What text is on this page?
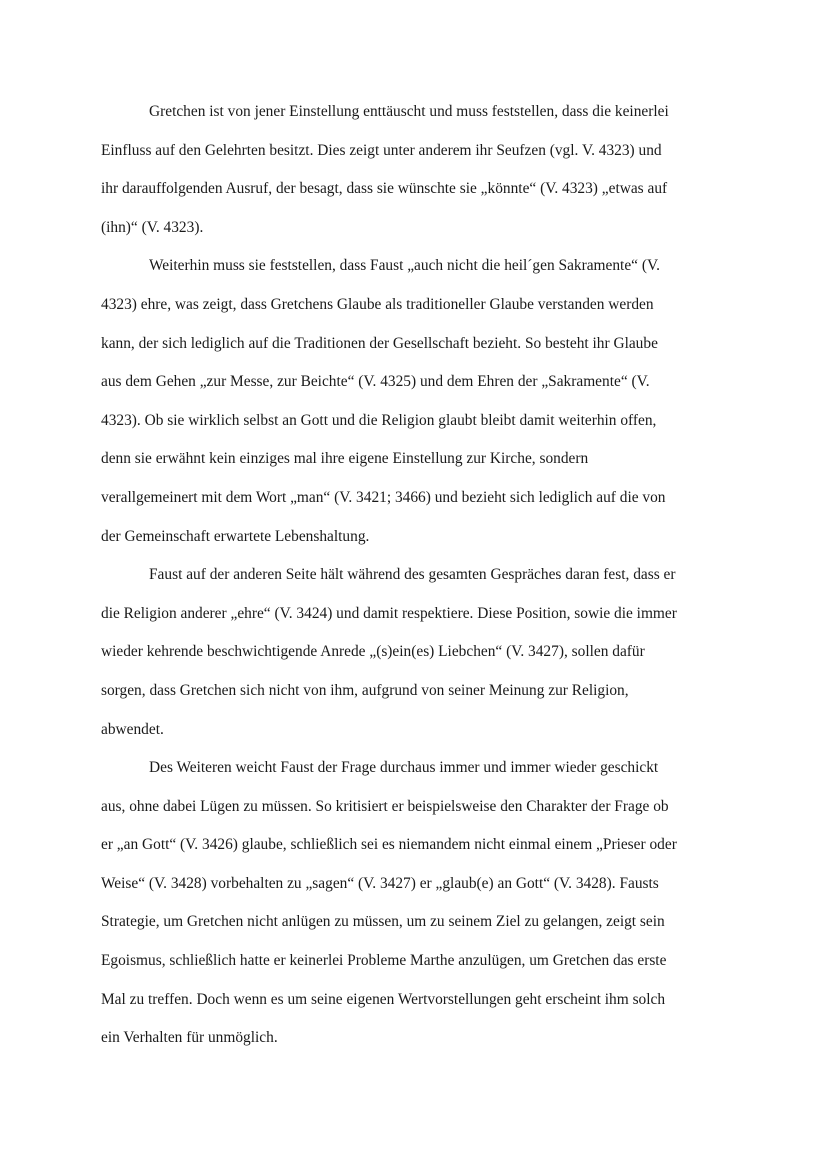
Gretchen ist von jener Einstellung enttäuscht und muss feststellen, dass die keinerlei
Einfluss auf den Gelehrten besitzt. Dies zeigt unter anderem ihr Seufzen (vgl. V. 4323) und
ihr darauffolgenden Ausruf, der besagt, dass sie wünschte sie „könnte“ (V. 4323) „etwas auf
(ihn)“ (V. 4323).

Weiterhin muss sie feststellen, dass Faust „auch nicht die heil´gen Sakramente“ (V.
4323) ehre, was zeigt, dass Gretchens Glaube als traditioneller Glaube verstanden werden
kann, der sich lediglich auf die Traditionen der Gesellschaft bezieht. So besteht ihr Glaube
aus dem Gehen „zur Messe, zur Beichte“ (V. 4325) und dem Ehren der „Sakramente“ (V.
4323). Ob sie wirklich selbst an Gott und die Religion glaubt bleibt damit weiterhin offen,
denn sie erwähnt kein einziges mal ihre eigene Einstellung zur Kirche, sondern
verallgemeinert mit dem Wort „man“ (V. 3421; 3466) und bezieht sich lediglich auf die von
der Gemeinschaft erwartete Lebenshaltung.

Faust auf der anderen Seite hält während des gesamten Gespräches daran fest, dass er
die Religion anderer „ehre“ (V. 3424) und damit respektiere. Diese Position, sowie die immer
wieder kehrende beschwichtigende Anrede „(s)ein(es) Liebchen“ (V. 3427), sollen dafür
sorgen, dass Gretchen sich nicht von ihm, aufgrund von seiner Meinung zur Religion,
abwendet.

Des Weiteren weicht Faust der Frage durchaus immer und immer wieder geschickt
aus, ohne dabei Lügen zu müssen. So kritisiert er beispielsweise den Charakter der Frage ob
er „an Gott“ (V. 3426) glaube, schließlich sei es niemandem nicht einmal einem „Prieser oder
Weise“ (V. 3428) vorbehalten zu „sagen“ (V. 3427) er „glaub(e) an Gott“ (V. 3428). Fausts
Strategie, um Gretchen nicht anlügen zu müssen, um zu seinem Ziel zu gelangen, zeigt sein
Egoismus, schließlich hatte er keinerlei Probleme Marthe anzulügen, um Gretchen das erste
Mal zu treffen. Doch wenn es um seine eigenen Wertvorstellungen geht erscheint ihm solch
ein Verhalten für unmöglich.
